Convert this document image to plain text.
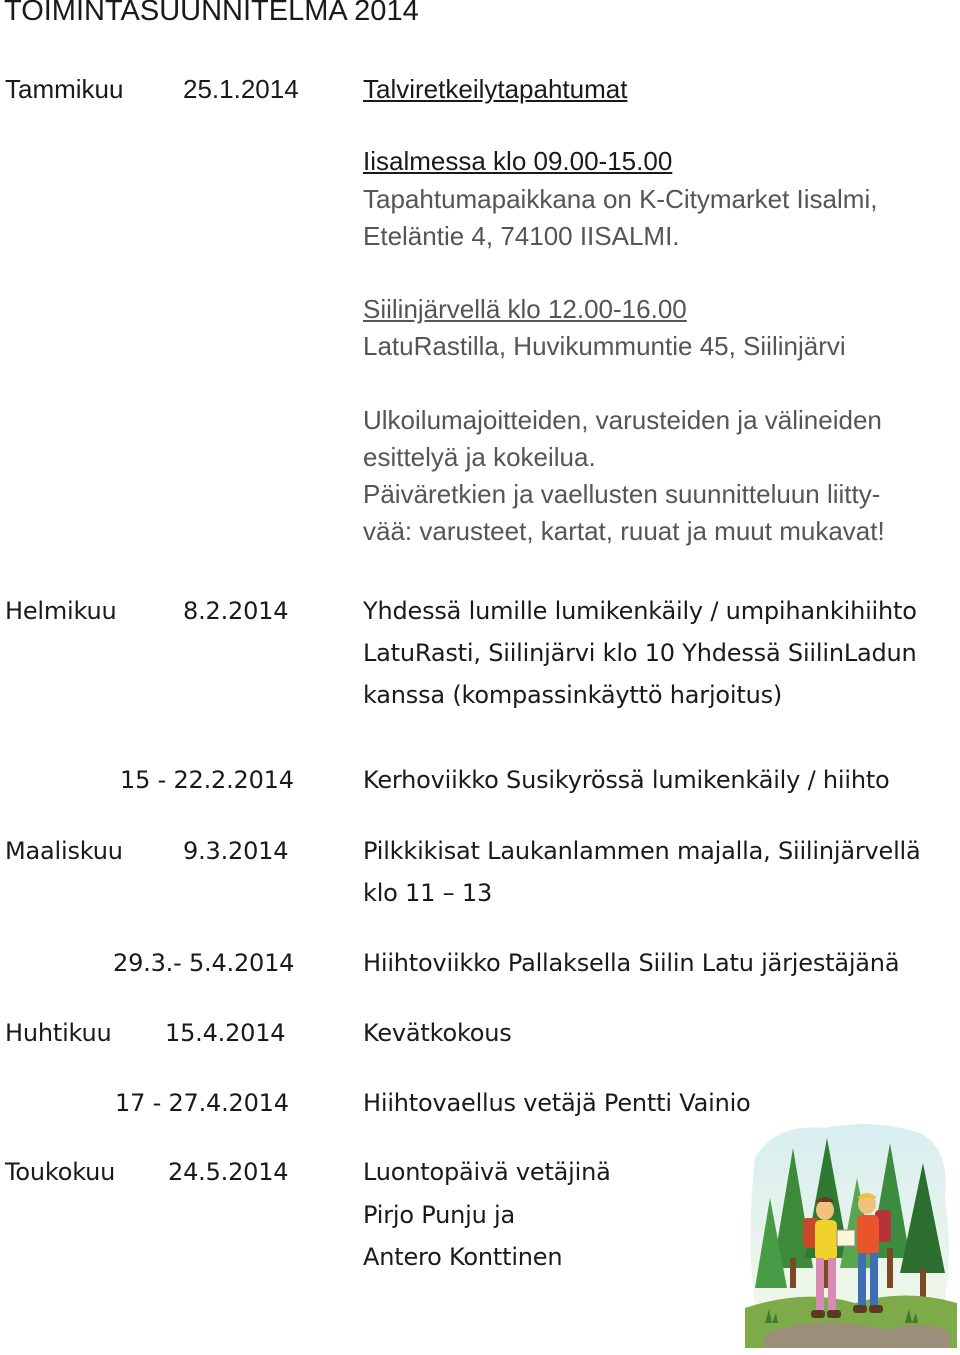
TOIMINTASUUNNITELMA 2014
Tammikuu 25.1.2014 Talviretkeilytapahtumat
Iisalmessa klo 09.00-15.00
Tapahtumapaikkana on K-Citymarket Iisalmi,
Eteläntie 4, 74100 IISALMI.
Siilinjärvellä klo 12.00-16.00
LatuRastilla, Huvikummuntie 45, Siilinjärvi
Ulkoilumajoitteiden, varusteiden ja välineiden
esittelyä ja kokeilua.
Päiväretkien ja vaellusten suunnitteluun liitty-
vää: varusteet, kartat, ruuat ja muut mukavat!
Helmikuu	8.2.2014	Yhdessä lumille lumikenkäily / umpihankihiihto
LatuRasti, Siilinjärvi klo 10 Yhdessä SiilinLadun
kanssa (kompassinkäyttö harjoitus)
15 - 22.2.2014	Kerhoviikko Susikyrössä lumikenkäily / hiihto
Maaliskuu	9.3.2014	Pilkkikisat Laukanlammen majalla, Siilinjärvellä
klo 11 – 13
29.3.- 5.4.2014	Hiihtoviikko Pallaksella Siilin Latu järjestäjänä
Huhtikuu 15.4.2014	Kevätkokous
17 - 27.4.2014	Hiihtovaellus vetäjä Pentti Vainio
Toukokuu 24.5.2014	Luontopäivä vetäjinä
Pirjo Punju ja
Antero Konttinen
